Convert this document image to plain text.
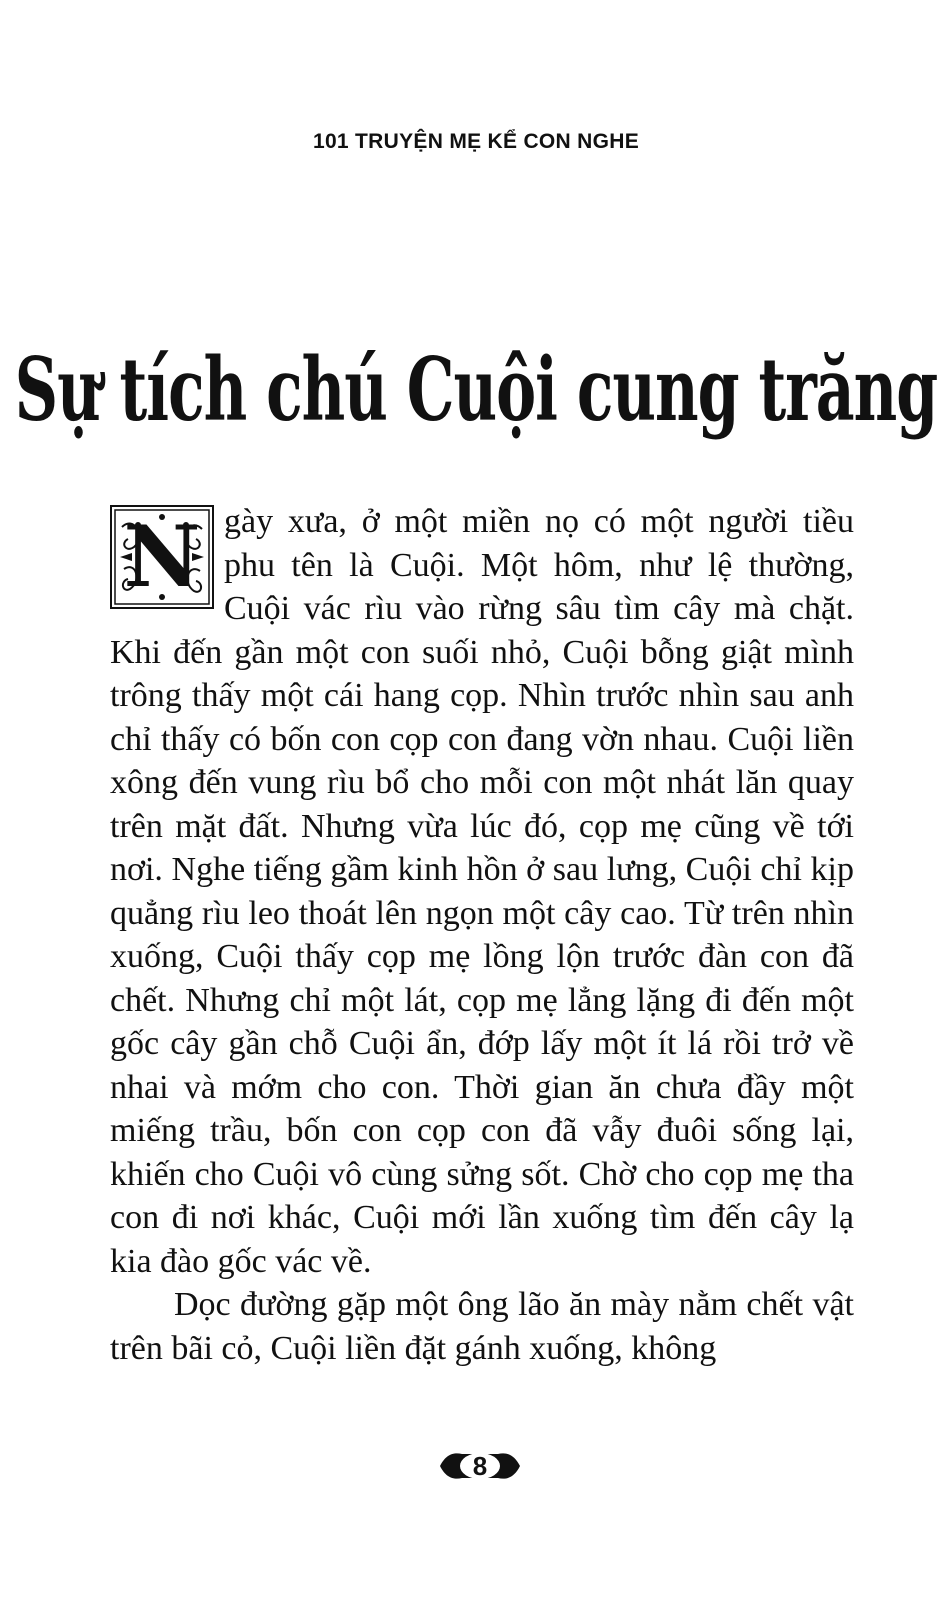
101 TRUYỆN MẸ KỂ CON NGHE
Sự tích chú Cuội cung trăng

N gày xưa, ở một miền nọ có một người tiều phu tên là Cuội. Một hôm, như lệ thường, Cuội vác rìu vào rừng sâu tìm cây mà chặt. Khi đến gần một con suối nhỏ, Cuội bỗng giật mình trông thấy một cái hang cọp. Nhìn trước nhìn sau anh chỉ thấy có bốn con cọp con đang vờn nhau. Cuội liền xông đến vung rìu bổ cho mỗi con một nhát lăn quay trên mặt đất. Nhưng vừa lúc đó, cọp mẹ cũng về tới nơi. Nghe tiếng gầm kinh hồn ở sau lưng, Cuội chỉ kịp quẳng rìu leo thoát lên ngọn một cây cao. Từ trên nhìn xuống, Cuội thấy cọp mẹ lồng lộn trước đàn con đã chết. Nhưng chỉ một lát, cọp mẹ lẳng lặng đi đến một gốc cây gần chỗ Cuội ẩn, đớp lấy một ít lá rồi trở về nhai và mớm cho con. Thời gian ăn chưa đầy một miếng trầu, bốn con cọp con đã vẫy đuôi sống lại, khiến cho Cuội vô cùng sửng sốt. Chờ cho cọp mẹ tha con đi nơi khác, Cuội mới lần xuống tìm đến cây lạ kia đào gốc vác về.

Dọc đường gặp một ông lão ăn mày nằm chết vật trên bãi cỏ, Cuội liền đặt gánh xuống, không

8
